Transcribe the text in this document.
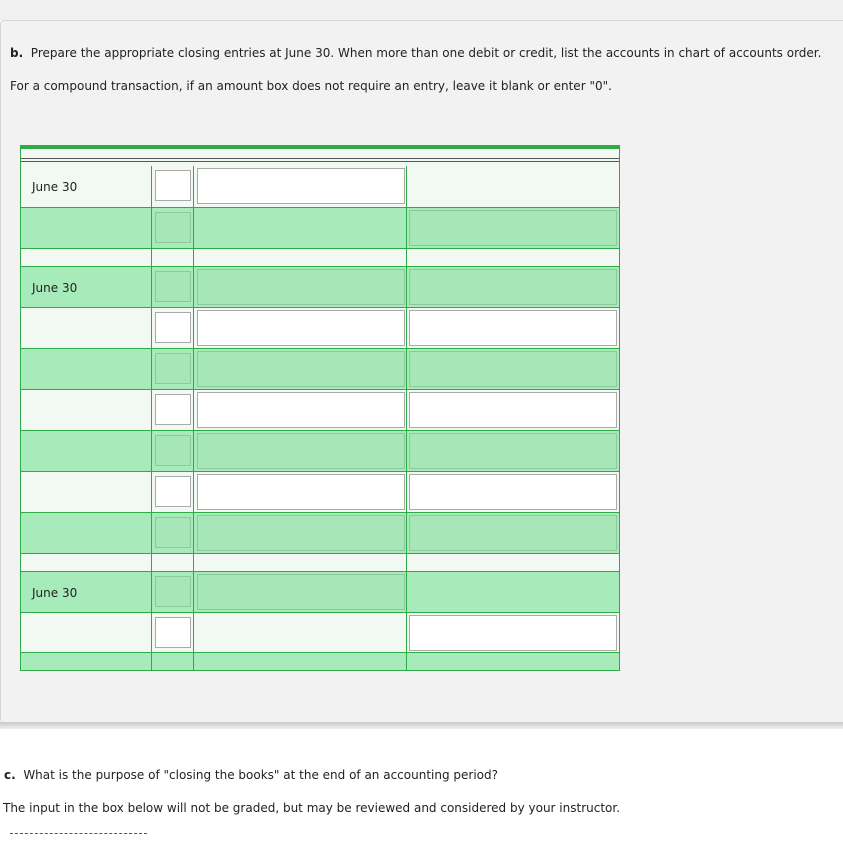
b. Prepare the appropriate closing entries at June 30. When more than one debit or credit, list the accounts in chart of accounts order.
For a compound transaction, if an amount box does not require an entry, leave it blank or enter "0".
June 30
June 30
June 30
c. What is the purpose of "closing the books" at the end of an accounting period?
The input in the box below will not be graded, but may be reviewed and considered by your instructor.
